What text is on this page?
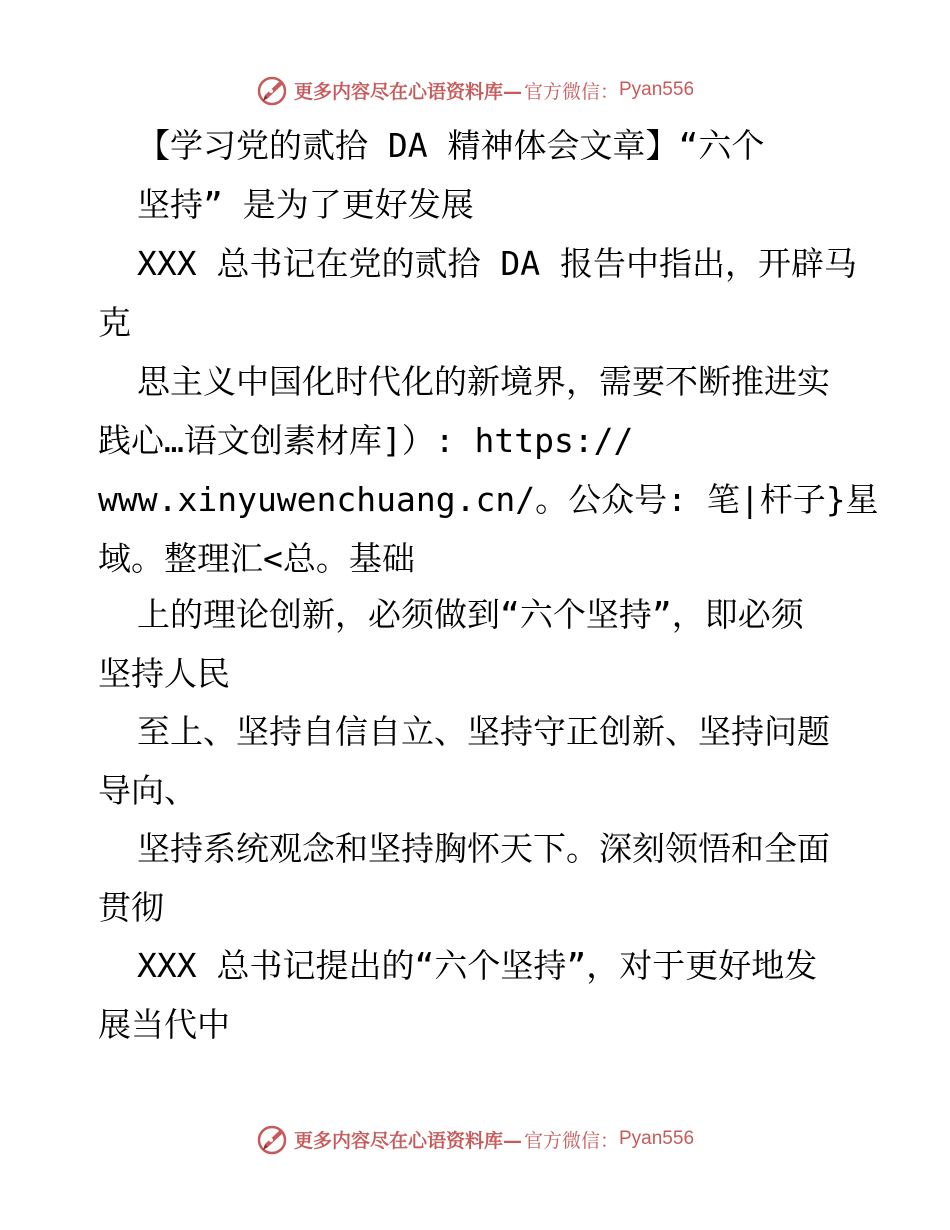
更多内容尽在心语资料库— 官方微信： Pyan556
【学习党的贰拾 DA 精神体会文章】“六个
坚持” 是为了更好发展
XXX 总书记在党的贰拾 DA 报告中指出，开辟马
克
思主义中国化时代化的新境界，需要不断推进实
践心…语文创素材库]）: https://
www.xinyuwenchuang.cn/。公众号: 笔|杆子}星
域。整理汇<总。基础
上的理论创新，必须做到“六个坚持”，即必须
坚持人民
至上、坚持自信自立、坚持守正创新、坚持问题
导向、
坚持系统观念和坚持胸怀天下。深刻领悟和全面
贯彻
XXX 总书记提出的“六个坚持”，对于更好地发
展当代中
更多内容尽在心语资料库— 官方微信： Pyan556
